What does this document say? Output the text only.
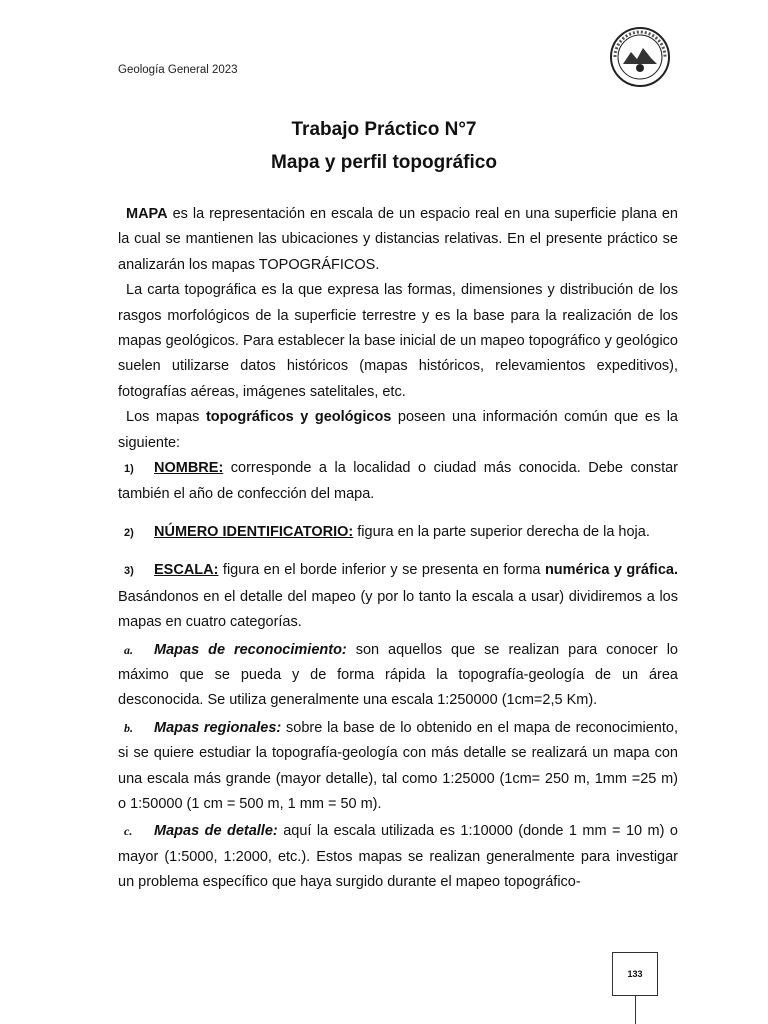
Geología General 2023
Trabajo Práctico N°7
Mapa y perfil topográfico

MAPA es la representación en escala de un espacio real en una superficie plana en la cual se mantienen las ubicaciones y distancias relativas. En el presente práctico se analizarán los mapas TOPOGRÁFICOS.

La carta topográfica es la que expresa las formas, dimensiones y distribución de los rasgos morfológicos de la superficie terrestre y es la base para la realización de los mapas geológicos. Para establecer la base inicial de un mapeo topográfico y geológico suelen utilizarse datos históricos (mapas históricos, relevamientos expeditivos), fotografías aéreas, imágenes satelitales, etc.

Los mapas topográficos y geológicos poseen una información común que es la siguiente:

1) NOMBRE: corresponde a la localidad o ciudad más conocida. Debe constar también el año de confección del mapa.

2) NÚMERO IDENTIFICATORIO: figura en la parte superior derecha de la hoja.

3) ESCALA: figura en el borde inferior y se presenta en forma numérica y gráfica. Basándonos en el detalle del mapeo (y por lo tanto la escala a usar) dividiremos a los mapas en cuatro categorías.

a. Mapas de reconocimiento: son aquellos que se realizan para conocer lo máximo que se pueda y de forma rápida la topografía-geología de un área desconocida. Se utiliza generalmente una escala 1:250000 (1cm=2,5 Km).

b. Mapas regionales: sobre la base de lo obtenido en el mapa de reconocimiento, si se quiere estudiar la topografía-geología con más detalle se realizará un mapa con una escala más grande (mayor detalle), tal como 1:25000 (1cm= 250 m, 1mm =25 m) o 1:50000 (1 cm = 500 m, 1 mm = 50 m).

c. Mapas de detalle: aquí la escala utilizada es 1:10000 (donde 1 mm = 10 m) o mayor (1:5000, 1:2000, etc.). Estos mapas se realizan generalmente para investigar un problema específico que haya surgido durante el mapeo topográfico-

133
